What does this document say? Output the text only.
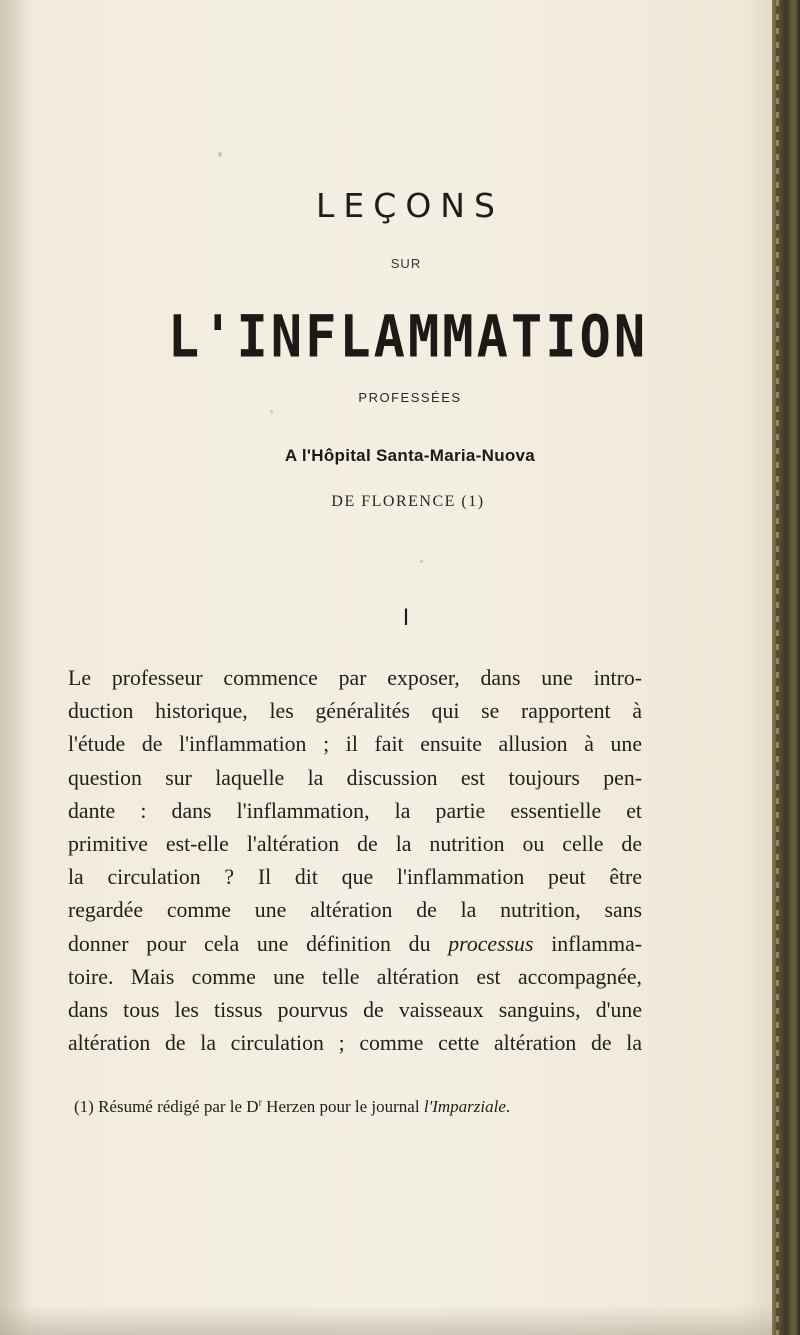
LEÇONS
SUR
L'INFLAMMATION
PROFESSÉES
A l'Hôpital Santa-Maria-Nuova
DE FLORENCE (1)
I
Le professeur commence par exposer, dans une intro-
duction historique, les généralités qui se rapportent à
l'étude de l'inflammation ; il fait ensuite allusion à une
question sur laquelle la discussion est toujours pen-
dante : dans l'inflammation, la partie essentielle et
primitive est-elle l'altération de la nutrition ou celle de
la circulation ? Il dit que l'inflammation peut être
regardée comme une altération de la nutrition, sans
donner pour cela une définition du processus inflamma-
toire. Mais comme une telle altération est accompagnée,
dans tous les tissus pourvus de vaisseaux sanguins, d'une
altération de la circulation ; comme cette altération de la
(1) Résumé rédigé par le $D^r$ Herzen pour le journal l'Imparziale.
